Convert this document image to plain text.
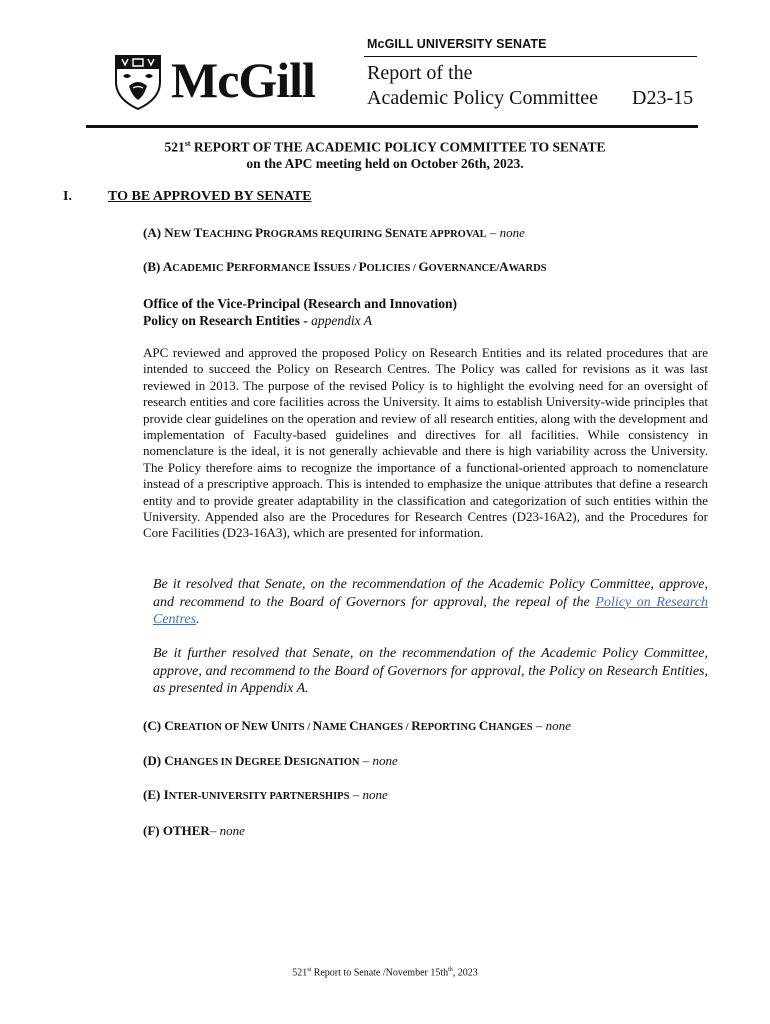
McGill
McGILL UNIVERSITY SENATE
Report of the
Academic Policy Committee D23-15
521st REPORT OF THE ACADEMIC POLICY COMMITTEE TO SENATE
on the APC meeting held on October 26th, 2023.
I.	TO BE APPROVED BY SENATE
(A) NEW TEACHING PROGRAMS REQUIRING SENATE APPROVAL – none
(B) ACADEMIC PERFORMANCE ISSUES / POLICIES / GOVERNANCE/AWARDS
Office of the Vice-Principal (Research and Innovation)
Policy on Research Entities - appendix A
APC reviewed and approved the proposed Policy on Research Entities and its related procedures that are intended to succeed the Policy on Research Centres. The Policy was called for revisions as it was last reviewed in 2013. The purpose of the revised Policy is to highlight the evolving need for an oversight of research entities and core facilities across the University. It aims to establish University-wide principles that provide clear guidelines on the operation and review of all research entities, along with the development and implementation of Faculty-based guidelines and directives for all facilities. While consistency in nomenclature is the ideal, it is not generally achievable and there is high variability across the University. The Policy therefore aims to recognize the importance of a functional-oriented approach to nomenclature instead of a prescriptive approach. This is intended to emphasize the unique attributes that define a research entity and to provide greater adaptability in the classification and categorization of such entities within the University. Appended also are the Procedures for Research Centres (D23-16A2), and the Procedures for Core Facilities (D23-16A3), which are presented for information.
Be it resolved that Senate, on the recommendation of the Academic Policy Committee, approve, and recommend to the Board of Governors for approval, the repeal of the Policy on Research Centres.
Be it further resolved that Senate, on the recommendation of the Academic Policy Committee, approve, and recommend to the Board of Governors for approval, the Policy on Research Entities, as presented in Appendix A.
(C) CREATION OF NEW UNITS / NAME CHANGES / REPORTING CHANGES – none
(D) CHANGES IN DEGREE DESIGNATION – none
(E) INTER-UNIVERSITY PARTNERSHIPS – none
(F) OTHER– none
521st Report to Senate /November $15th^{th}$, 2023
